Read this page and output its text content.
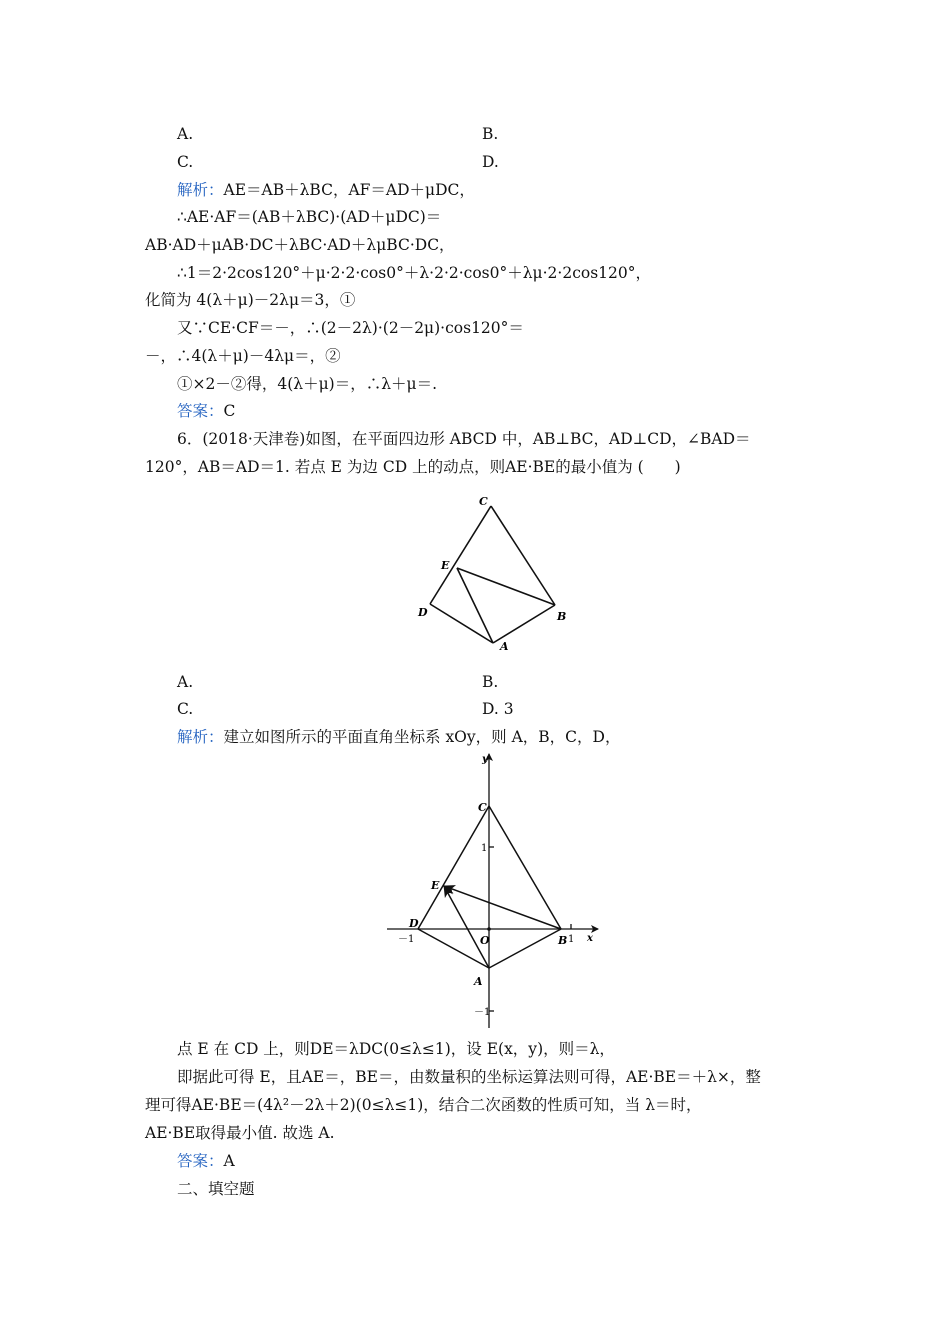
A.	B.
C.	D.
解析：AE＝AB＋λBC，AF＝AD＋μDC，
∴AE·AF＝(AB＋λBC)·(AD＋μDC)＝
AB·AD＋μAB·DC＋λBC·AD＋λμBC·DC，
∴1＝2·2cos120°＋μ·2·2·cos0°＋λ·2·2·cos0°＋λμ·2·2cos120°，
化简为 4(λ＋μ)－2λμ＝3，①
又∵CE·CF＝－，∴(2－2λ)·(2－2μ)·cos120°＝
－，∴4(λ＋μ)－4λμ＝，②
①×2－②得，4(λ＋μ)＝，∴λ＋μ＝.
答案：C
6．(2018·天津卷)如图，在平面四边形 ABCD 中，AB⊥BC，AD⊥CD，∠BAD＝
120°，AB＝AD＝1. 若点 E 为边 CD 上的动点，则AE·BE的最小值为 (　　)
C
E
D	B
A
A.	B.
C.	D. 3
解析：建立如图所示的平面直角坐标系 xOy，则 A，B，C，D，
y
x
C
E
D
B
A
O
1
－1
－1	1
点 E 在 CD 上，则DE＝λDC(0≤λ≤1)，设 E(x，y)，则＝λ，
即据此可得 E，且AE＝，BE＝，由数量积的坐标运算法则可得，AE·BE＝＋λ×，整
理可得AE·BE＝(4λ²－2λ＋2)(0≤λ≤1)，结合二次函数的性质可知，当 λ＝时，
AE·BE取得最小值. 故选 A.
答案：A
二、填空题
